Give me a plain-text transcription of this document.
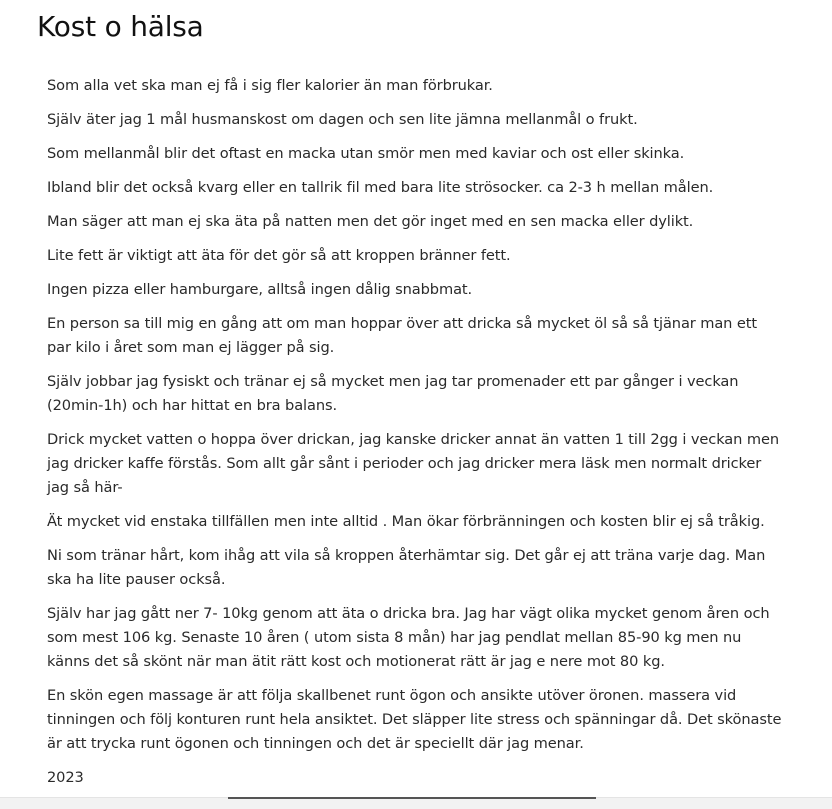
Kost o hälsa

Som alla vet ska man ej få i sig fler kalorier än man förbrukar.

Själv äter jag 1 mål husmanskost om dagen och sen lite jämna mellanmål o frukt.

Som mellanmål blir det oftast en macka utan smör men med kaviar och ost eller skinka.

Ibland blir det också kvarg eller en tallrik fil med bara lite strösocker. ca 2-3 h mellan målen.

Man säger att man ej ska äta på natten men det gör inget med en sen macka eller dylikt.

Lite fett är viktigt att äta för det gör så att kroppen bränner fett.

Ingen pizza eller hamburgare, alltså ingen dålig snabbmat.

En person sa till mig en gång att om man hoppar över att dricka så mycket öl så så tjänar man ett par kilo i året som man ej lägger på sig.

Själv jobbar jag fysiskt och tränar ej så mycket men jag tar promenader ett par gånger i veckan (20min-1h) och har hittat en bra balans.

Drick mycket vatten o hoppa över drickan, jag kanske dricker annat än vatten 1 till 2gg i veckan men jag dricker kaffe förstås. Som allt går sånt i perioder och jag dricker mera läsk men normalt dricker jag så här-

Ät mycket vid enstaka tillfällen men inte alltid . Man ökar förbränningen och kosten blir ej så tråkig.

Ni som tränar hårt, kom ihåg att vila så kroppen återhämtar sig. Det går ej att träna varje dag. Man ska ha lite pauser också.

Själv har jag gått ner 7- 10kg genom att äta o dricka bra. Jag har vägt olika mycket genom åren och som mest 106 kg. Senaste 10 åren ( utom sista 8 mån) har jag pendlat mellan 85-90 kg men nu känns det så skönt när man ätit rätt kost och motionerat rätt är jag e nere mot 80 kg.

En skön egen massage är att följa skallbenet runt ögon och ansikte utöver öronen. massera vid tinningen och följ konturen runt hela ansiktet. Det släpper lite stress och spänningar då. Det skönaste är att trycka runt ögonen och tinningen och det är speciellt där jag menar.

2023
